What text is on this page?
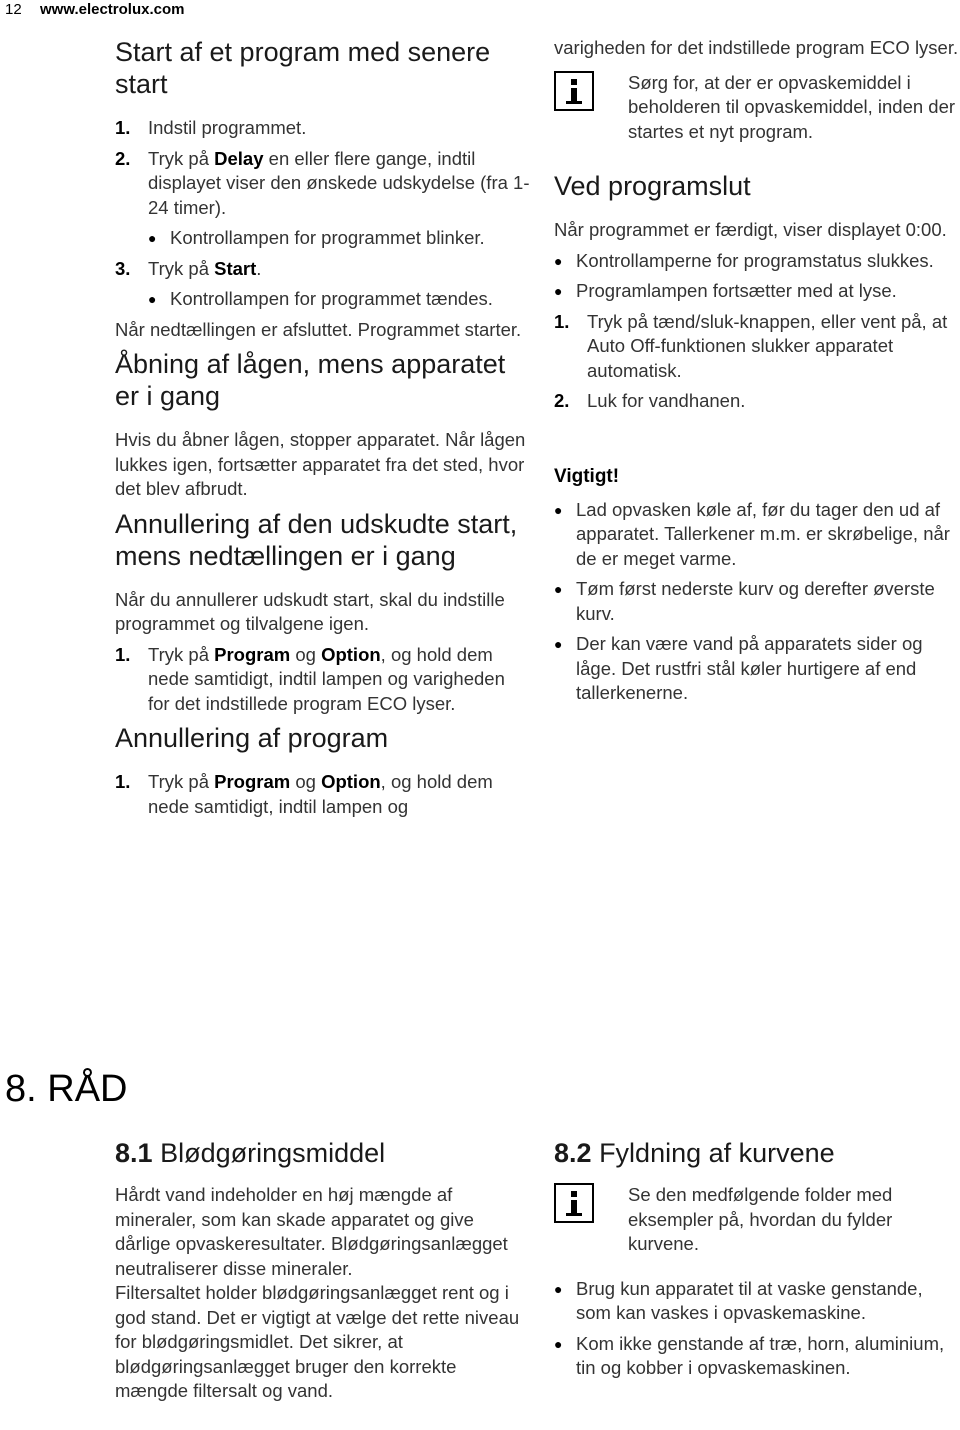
12 www.electrolux.com
Start af et program med senere start
1. Indstil programmet.
2. Tryk på Delay en eller flere gange, indtil displayet viser den ønskede udskydelse (fra 1-24 timer).
● Kontrollampen for programmet blinker.
3. Tryk på Start.
● Kontrollampen for programmet tændes.

Når nedtællingen er afsluttet. Programmet starter.

Åbning af lågen, mens apparatet er i gang

Hvis du åbner lågen, stopper apparatet. Når lågen lukkes igen, fortsætter apparatet fra det sted, hvor det blev afbrudt.

Annullering af den udskudte start, mens nedtællingen er i gang

Når du annullerer udskudt start, skal du indstille programmet og tilvalgene igen.

1. Tryk på Program og Option, og hold dem nede samtidigt, indtil lampen og varigheden for det indstillede program ECO lyser.
Annullering af program
1. Tryk på Program og Option, og hold dem nede samtidigt, indtil lampen og

varigheden for det indstillede program ECO lyser.

Sørg for, at der er opvaskemiddel i beholderen til opvaskemiddel, inden der startes et nyt program.
Ved programslut

Når programmet er færdigt, viser displayet 0:00.

● Kontrollamperne for programstatus slukkes.
● Programlampen fortsætter med at lyse.
1. Tryk på tænd/sluk-knappen, eller vent på, at Auto Off-funktionen slukker apparatet automatisk.
2. Luk for vandhanen.
Vigtigt!
● Lad opvasken køle af, før du tager den ud af apparatet. Tallerkener m.m. er skrøbelige, når de er meget varme.
● Tøm først nederste kurv og derefter øverste kurv.
● Der kan være vand på apparatets sider og låge. Det rustfri stål køler hurtigere af end tallerkenerne.
8. RÅD
8.1 Blødgøringsmiddel

Hårdt vand indeholder en høj mængde af mineraler, som kan skade apparatet og give dårlige opvaskeresultater. Blødgøringsanlægget neutraliserer disse mineraler.

Filtersaltet holder blødgøringsanlægget rent og i god stand. Det er vigtigt at vælge det rette niveau for blødgøringsmidlet. Det sikrer, at blødgøringsanlægget bruger den korrekte mængde filtersalt og vand.

8.2 Fyldning af kurvene
Se den medfølgende folder med eksempler på, hvordan du fylder kurvene.
● Brug kun apparatet til at vaske genstande, som kan vaskes i opvaskemaskine.
● Kom ikke genstande af træ, horn, aluminium, tin og kobber i opvaskemaskinen.
